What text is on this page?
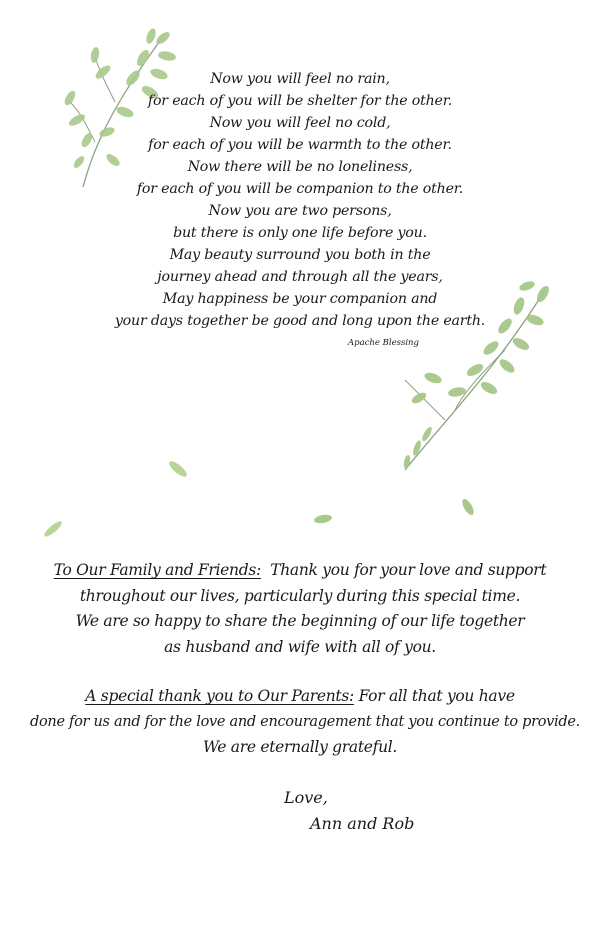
Now you will feel no rain,
for each of you will be shelter for the other.
Now you will feel no cold,
for each of you will be warmth to the other.
Now there will be no loneliness,
for each of you will be companion to the other.
Now you are two persons,
but there is only one life before you.
May beauty surround you both in the
journey ahead and through all the years,
May happiness be your companion and
your days together be good and long upon the earth.
Apache Blessing
To Our Family and Friends: Thank you for your love and support
throughout our lives, particularly during this special time.
We are so happy to share the beginning of our life together
as husband and wife with all of you.
A special thank you to Our Parents: For all that you have
done for us and for the love and encouragement that you continue to provide.
We are eternally grateful.
Love,
Ann and Rob
